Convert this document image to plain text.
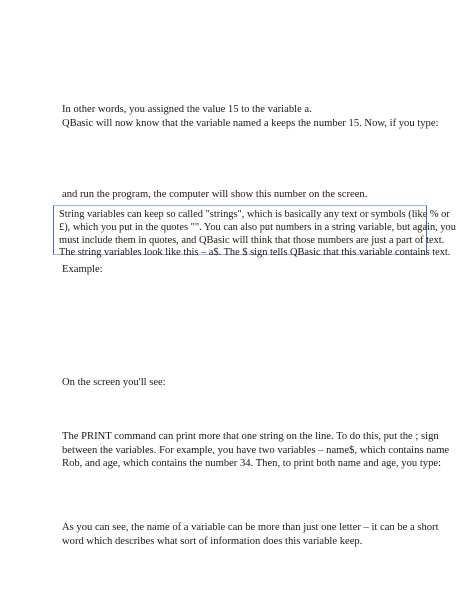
In other words, you assigned the value 15 to the variable a.
QBasic will now know that the variable named a keeps the number 15. Now, if you type:
and run the program, the computer will show this number on the screen.
String variables can keep so called "strings", which is basically any text or symbols (like % or
£), which you put in the quotes "". You can also put numbers in a string variable, but again, you
must include them in quotes, and QBasic will think that those numbers are just a part of text.
The string variables look like this – a$. The $ sign tells QBasic that this variable contains text.
Example:
On the screen you'll see:
The PRINT command can print more that one string on the line. To do this, put the ; sign
between the variables. For example, you have two variables – name$, which contains name
Rob, and age, which contains the number 34. Then, to print both name and age, you type:
As you can see, the name of a variable can be more than just one letter – it can be a short
word which describes what sort of information does this variable keep.
